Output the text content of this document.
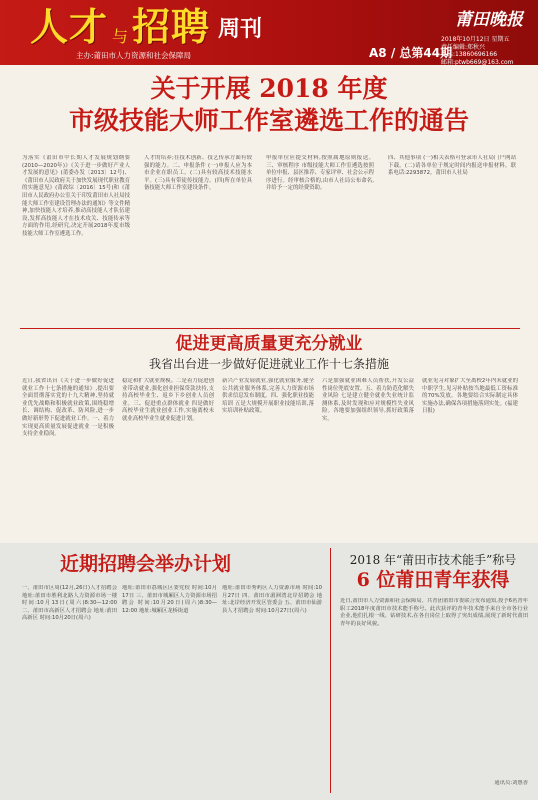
人才 与 招聘 周刊
主办:莆田市人力资源和社会保障局	A8 / 总第44期
莆田晚报
2018年10月12日 星期五
责任编辑:郑秋兴
电话:13860696166
邮箱:ptwb669@163.com
关于开展 2018 年度
市级技能大师工作室遴选工作的通告
为落实《莆田市中长期人才发展规划纲要(2010—2020年)》《关于进一步做好产业人才发展的意见》(莆委办发〔2013〕12号)、《莆田市人民政府关于加快发展现代职业教育的实施意见》(莆政综〔2016〕15号)和《莆田市人民政府办公室关于印发莆田市人社局技能大师工作室建设管理办法的通知》等文件精神,加快技能人才培养,推动高技能人才队伍建设,发挥高技能人才在技术攻关、技能传承等方面的作用,经研究,决定开展2018年度市级技能大师工作室遴选工作。
人才的培养;在技术创新、技艺传承方面有较强的能力。二、申报条件 (一)申报人应为本市企业在职员工。(二)具有较高技术技能水平。(三)具有带徒传技能力。(四)所在单位具备技能大师工作室建设条件。
申报单位应提交材料,按照属地原则报送。三、审核程序 市级技能大师工作室遴选按照单位申报、县区推荐、专家评审、社会公示程序进行。经审核合格的,由市人社局公布命名,并给予一定的经费资助。
四、其他事项 (一)相关表格可登录市人社局门户网站下载。(二)请各单位于规定时间内报送申报材料。联系电话:2293872。莆田市人社局
促进更高质量更充分就业
我省出台进一步做好促进就业工作十七条措施
近日,我省出台《关于进一步做好促进就业工作十七条措施的通知》,提出要全面贯彻落实党的十九大精神,坚持就业优先战略和积极就业政策,围绕稳增长、调结构、促改革、防风险,进一步做好新形势下促进就业工作。一、着力实现更高质量发展促进就业 一是积极支持企业稳岗。
稳定和扩大就业规模。二是着力促进创业带动就业,强化创业担保贷款扶持,支持高校毕业生、返乡下乡创业人员创业。三、促进重点群体就业 四是做好高校毕业生就业创业工作,实施离校未就业高校毕业生就业促进计划。
新兴产业发展就业,强化就业服务,健全公共就业服务体系,完善人力资源市场供求信息发布制度。四、强化职业技能培训 五是大规模开展职业技能培训,落实培训补贴政策。
六是加强就业困难人员帮扶,开发公益性岗位兜底安置。五、着力防范化解失业风险 七是建立健全就业失业统计监测体系,及时发现和应对规模性失业风险。各地要加强组织领导,抓好政策落实。
就业见习对象扩大至离校2年内未就业的中职学生,见习补贴按当地最低工资标准的70%发放。各地要结合实际制定具体实施办法,确保各项措施落到实处。(福建日报)
近期招聘会举办计划
一、莆田市区周(12月,26日)人才招聘会 地址:莆田市胜利北路人力资源市场一楼 时间:10月13日(周六)8:30—12:00 二、莆田市高新区人才招聘会 地址:莆田高新区 时间:10月20日(周六)
地址:莆田市荔城区区委党校 时间:10月17日 三、莆田市城厢区人力资源市场招聘会 时间:10月20日(周六)8:30—12:00 地址:城厢区龙桥街道
地址:莆田市秀屿区人力资源市场 时间:10月27日 四、莆田市湄洲湾北岸招聘会 地址:北岸经济开发区管委会 五、莆田市仙游县人才招聘会 时间:10月27日(周六)
2018 年“莆田市技术能手”称号
6 位莆田青年获得
近日,莆田市人力资源和社会保障局、共青团莆田市委联合发布通知,授予6名青年职工2018年度莆田市技术能手称号。此次获评的青年技术能手来自全市各行业企业,他们扎根一线、钻研技术,在各自岗位上取得了突出成绩,展现了新时代莆田青年的良好风貌。
通讯员:刘惠香
